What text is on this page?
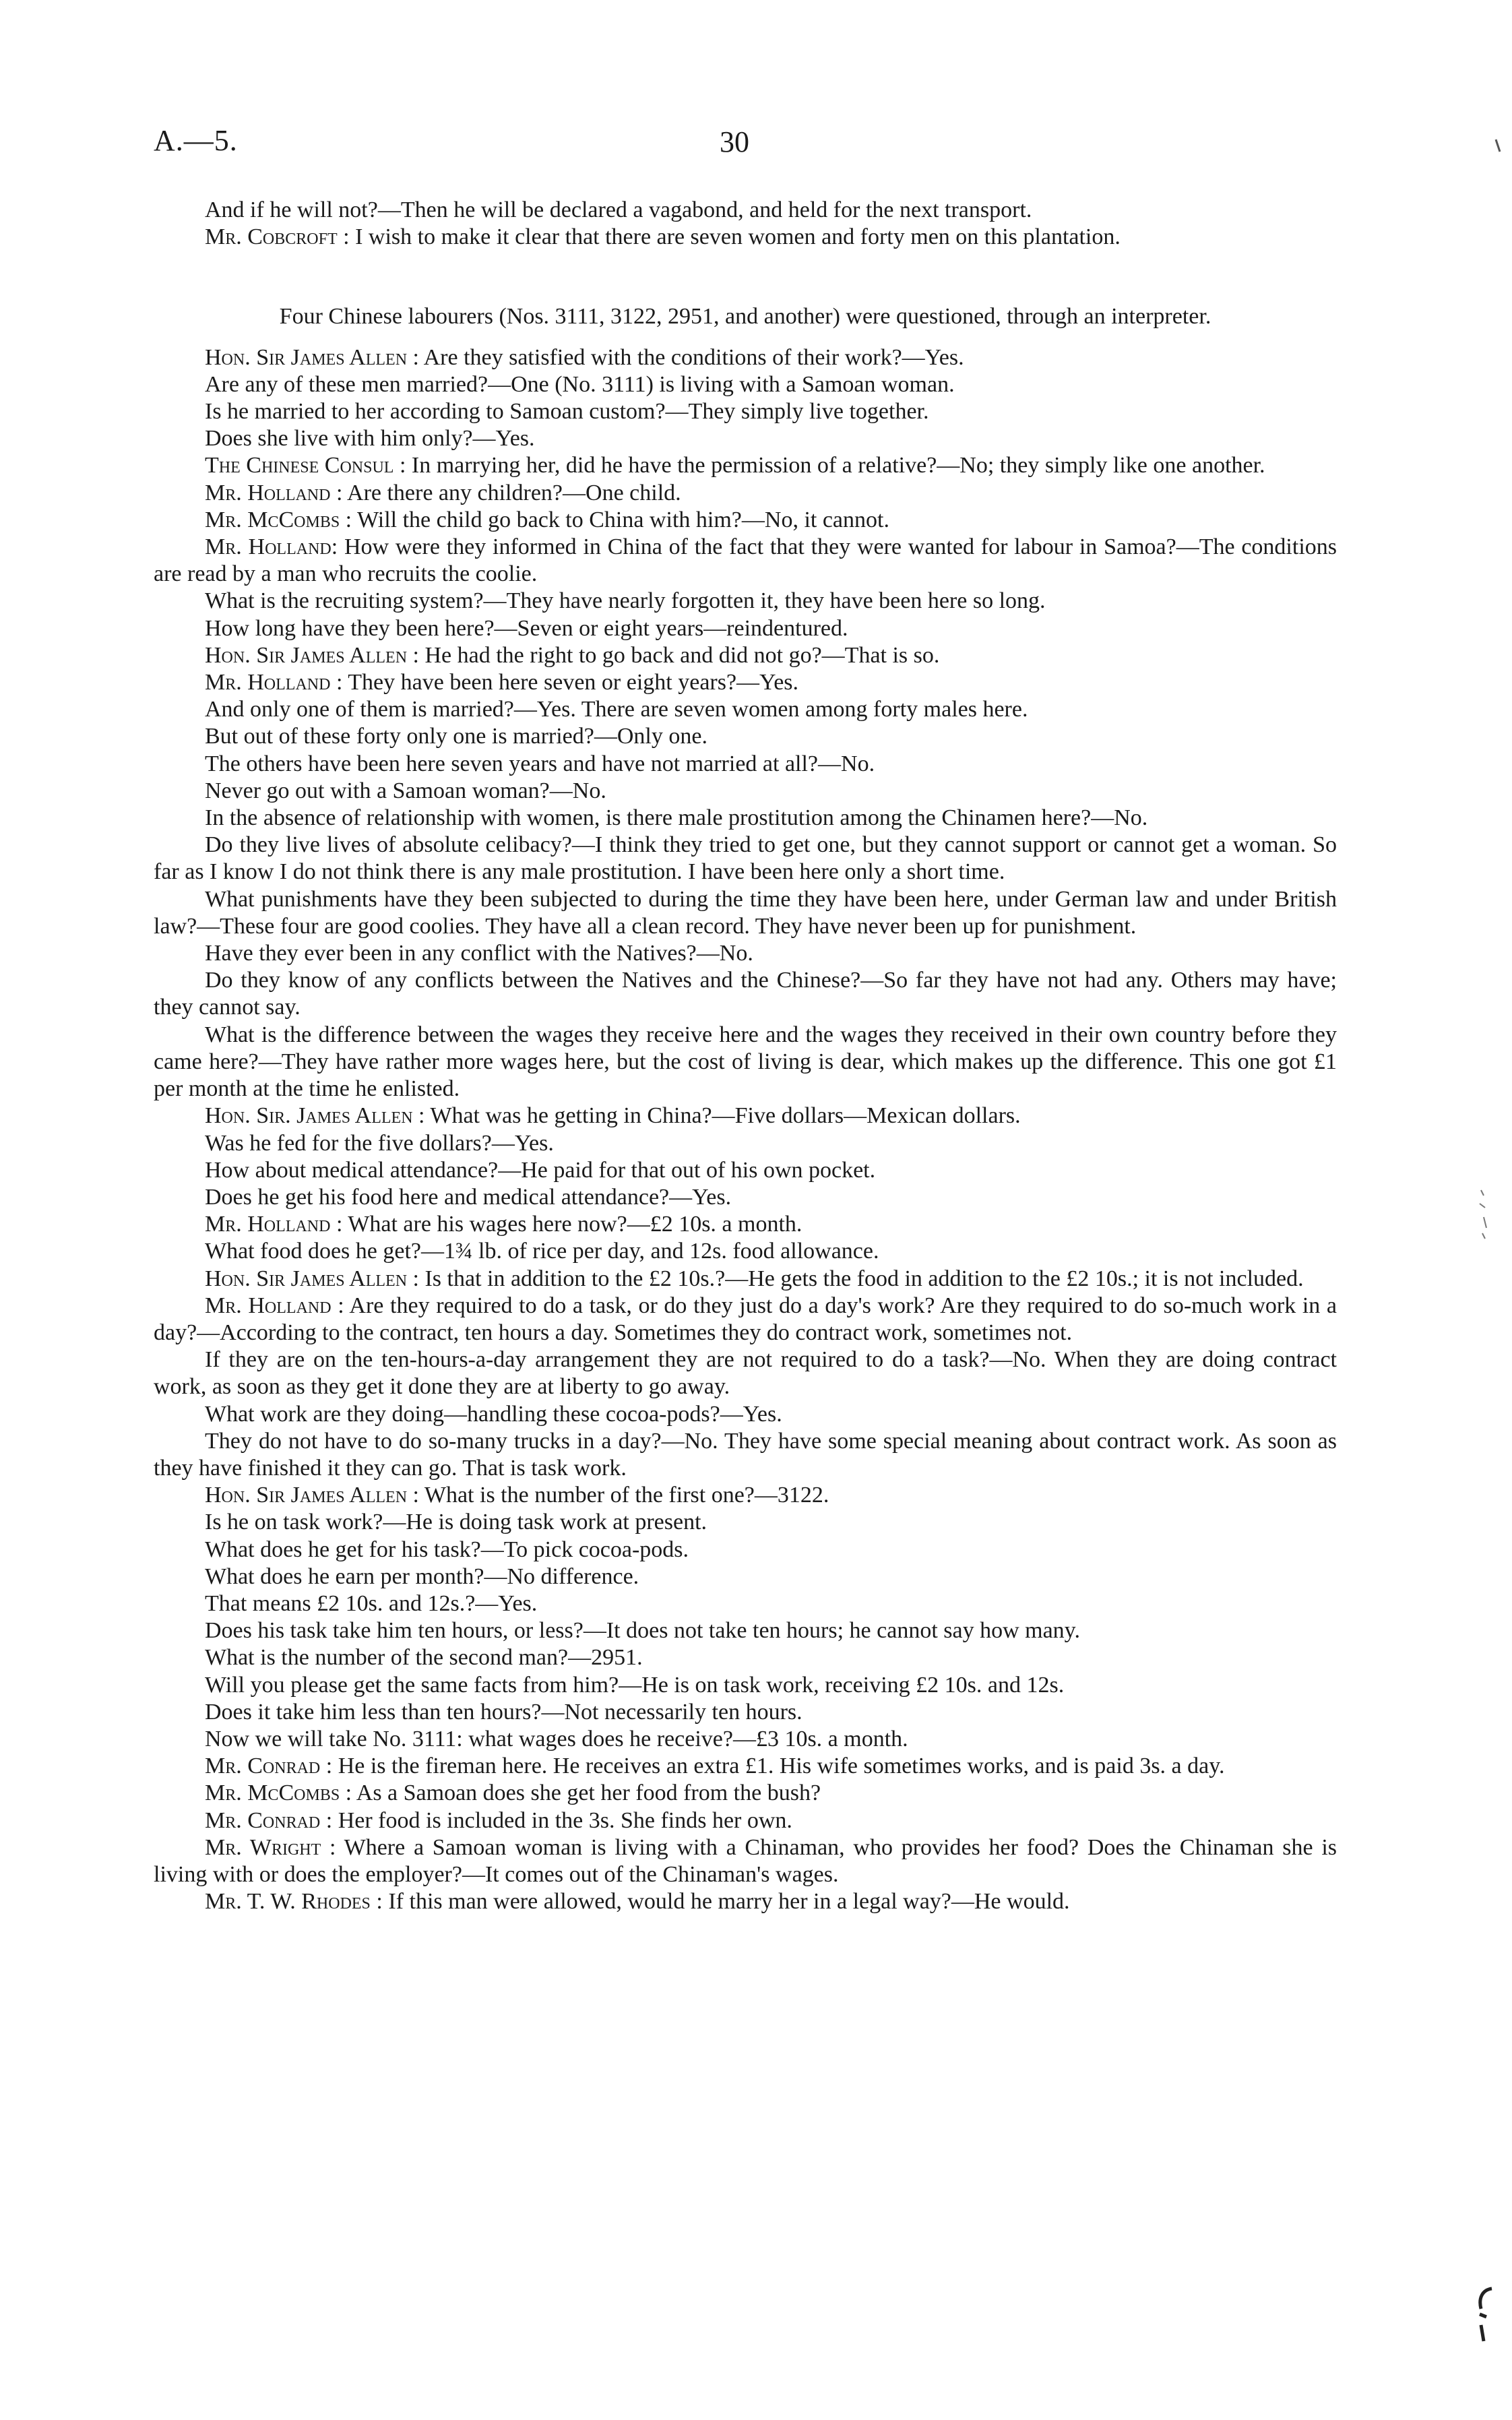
A.—5.	30

And if he will not?—Then he will be declared a vagabond, and held for the next transport.

Mr. Cobcroft : I wish to make it clear that there are seven women and forty men on this plantation.

Four Chinese labourers (Nos. 3111, 3122, 2951, and another) were questioned, through an interpreter.

Hon. Sir James Allen : Are they satisfied with the conditions of their work?—Yes.

Are any of these men married?—One (No. 3111) is living with a Samoan woman.

Is he married to her according to Samoan custom?—They simply live together.

Does she live with him only?—Yes.

The Chinese Consul : In marrying her, did he have the permission of a relative?—No; they simply like one another.

Mr. Holland : Are there any children?—One child.

Mr. McCombs : Will the child go back to China with him?—No, it cannot.

Mr. Holland: How were they informed in China of the fact that they were wanted for labour in Samoa?—The conditions are read by a man who recruits the coolie.

What is the recruiting system?—They have nearly forgotten it, they have been here so long.

How long have they been here?—Seven or eight years—reindentured.

Hon. Sir James Allen : He had the right to go back and did not go?—That is so.

Mr. Holland : They have been here seven or eight years?—Yes.

And only one of them is married?—Yes. There are seven women among forty males here.

But out of these forty only one is married?—Only one.

The others have been here seven years and have not married at all?—No.

Never go out with a Samoan woman?—No.

In the absence of relationship with women, is there male prostitution among the Chinamen here?—No.

Do they live lives of absolute celibacy?—I think they tried to get one, but they cannot support or cannot get a woman. So far as I know I do not think there is any male prostitution. I have been here only a short time.

What punishments have they been subjected to during the time they have been here, under German law and under British law?—These four are good coolies. They have all a clean record. They have never been up for punishment.

Have they ever been in any conflict with the Natives?—No.

Do they know of any conflicts between the Natives and the Chinese?—So far they have not had any. Others may have; they cannot say.

What is the difference between the wages they receive here and the wages they received in their own country before they came here?—They have rather more wages here, but the cost of living is dear, which makes up the difference. This one got £1 per month at the time he enlisted.

Hon. Sir. James Allen : What was he getting in China?—Five dollars—Mexican dollars.

Was he fed for the five dollars?—Yes.

How about medical attendance?—He paid for that out of his own pocket.

Does he get his food here and medical attendance?—Yes.

Mr. Holland : What are his wages here now?—£2 10s. a month.

What food does he get?—1¾ lb. of rice per day, and 12s. food allowance.

Hon. Sir James Allen : Is that in addition to the £2 10s.?—He gets the food in addition to the £2 10s.; it is not included.

Mr. Holland : Are they required to do a task, or do they just do a day's work? Are they required to do so-much work in a day?—According to the contract, ten hours a day. Sometimes they do contract work, sometimes not.

If they are on the ten-hours-a-day arrangement they are not required to do a task?—No. When they are doing contract work, as soon as they get it done they are at liberty to go away.

What work are they doing—handling these cocoa-pods?—Yes.

They do not have to do so-many trucks in a day?—No. They have some special meaning about contract work. As soon as they have finished it they can go. That is task work.

Hon. Sir James Allen : What is the number of the first one?—3122.

Is he on task work?—He is doing task work at present.

What does he get for his task?—To pick cocoa-pods.

What does he earn per month?—No difference.

That means £2 10s. and 12s.?—Yes.

Does his task take him ten hours, or less?—It does not take ten hours; he cannot say how many.

What is the number of the second man?—2951.

Will you please get the same facts from him?—He is on task work, receiving £2 10s. and 12s.

Does it take him less than ten hours?—Not necessarily ten hours.

Now we will take No. 3111: what wages does he receive?—£3 10s. a month.

Mr. Conrad : He is the fireman here. He receives an extra £1. His wife sometimes works, and is paid 3s. a day.

Mr. McCombs : As a Samoan does she get her food from the bush?

Mr. Conrad : Her food is included in the 3s. She finds her own.

Mr. Wright : Where a Samoan woman is living with a Chinaman, who provides her food? Does the Chinaman she is living with or does the employer?—It comes out of the Chinaman's wages.

Mr. T. W. Rhodes : If this man were allowed, would he marry her in a legal way?—He would.
